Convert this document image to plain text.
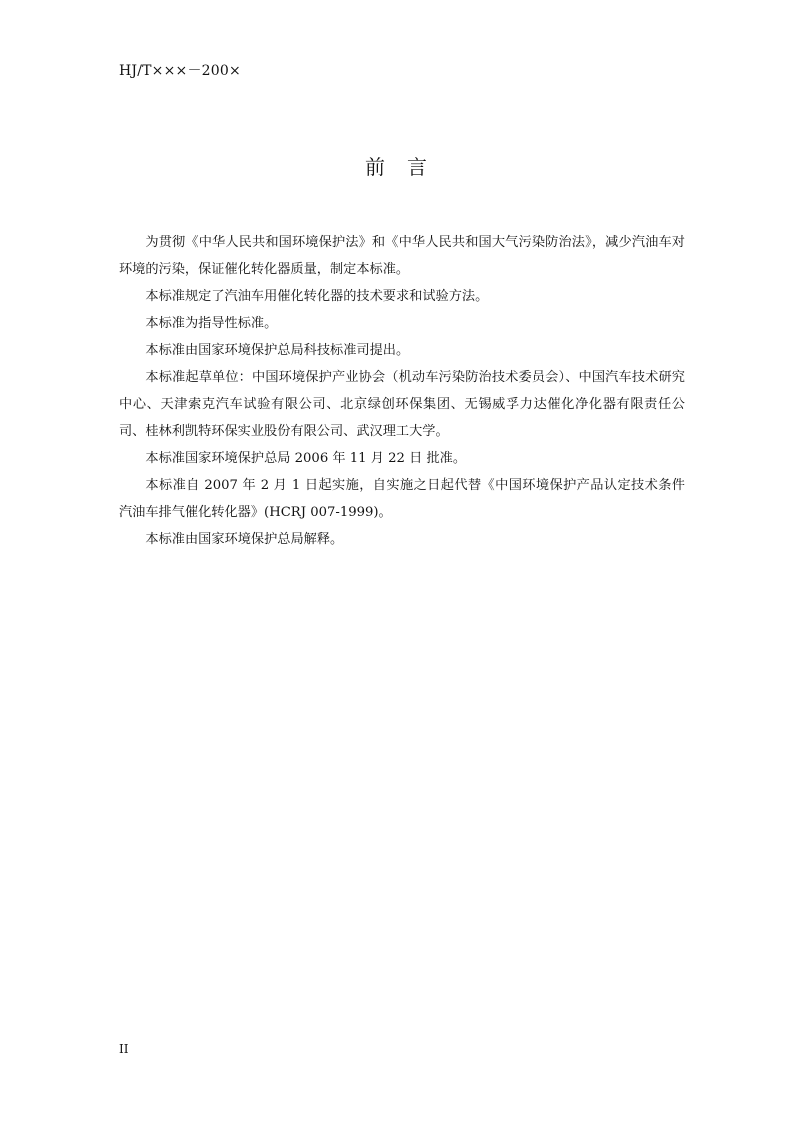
HJ/T×××－200×
前　言

为贯彻《中华人民共和国环境保护法》和《中华人民共和国大气污染防治法》，减少汽油车对环境的污染，保证催化转化器质量，制定本标准。

本标准规定了汽油车用催化转化器的技术要求和试验方法。

本标准为指导性标准。

本标准由国家环境保护总局科技标准司提出。

本标准起草单位：中国环境保护产业协会（机动车污染防治技术委员会）、中国汽车技术研究中心、天津索克汽车试验有限公司、北京绿创环保集团、无锡威孚力达催化净化器有限责任公司、桂林利凯特环保实业股份有限公司、武汉理工大学。

本标准国家环境保护总局 2006 年 11 月 22 日 批准。

本标准自 2007 年 2 月 1 日起实施，自实施之日起代替《中国环境保护产品认定技术条件 汽油车排气催化转化器》(HCRJ 007-1999)。

本标准由国家环境保护总局解释。

II
